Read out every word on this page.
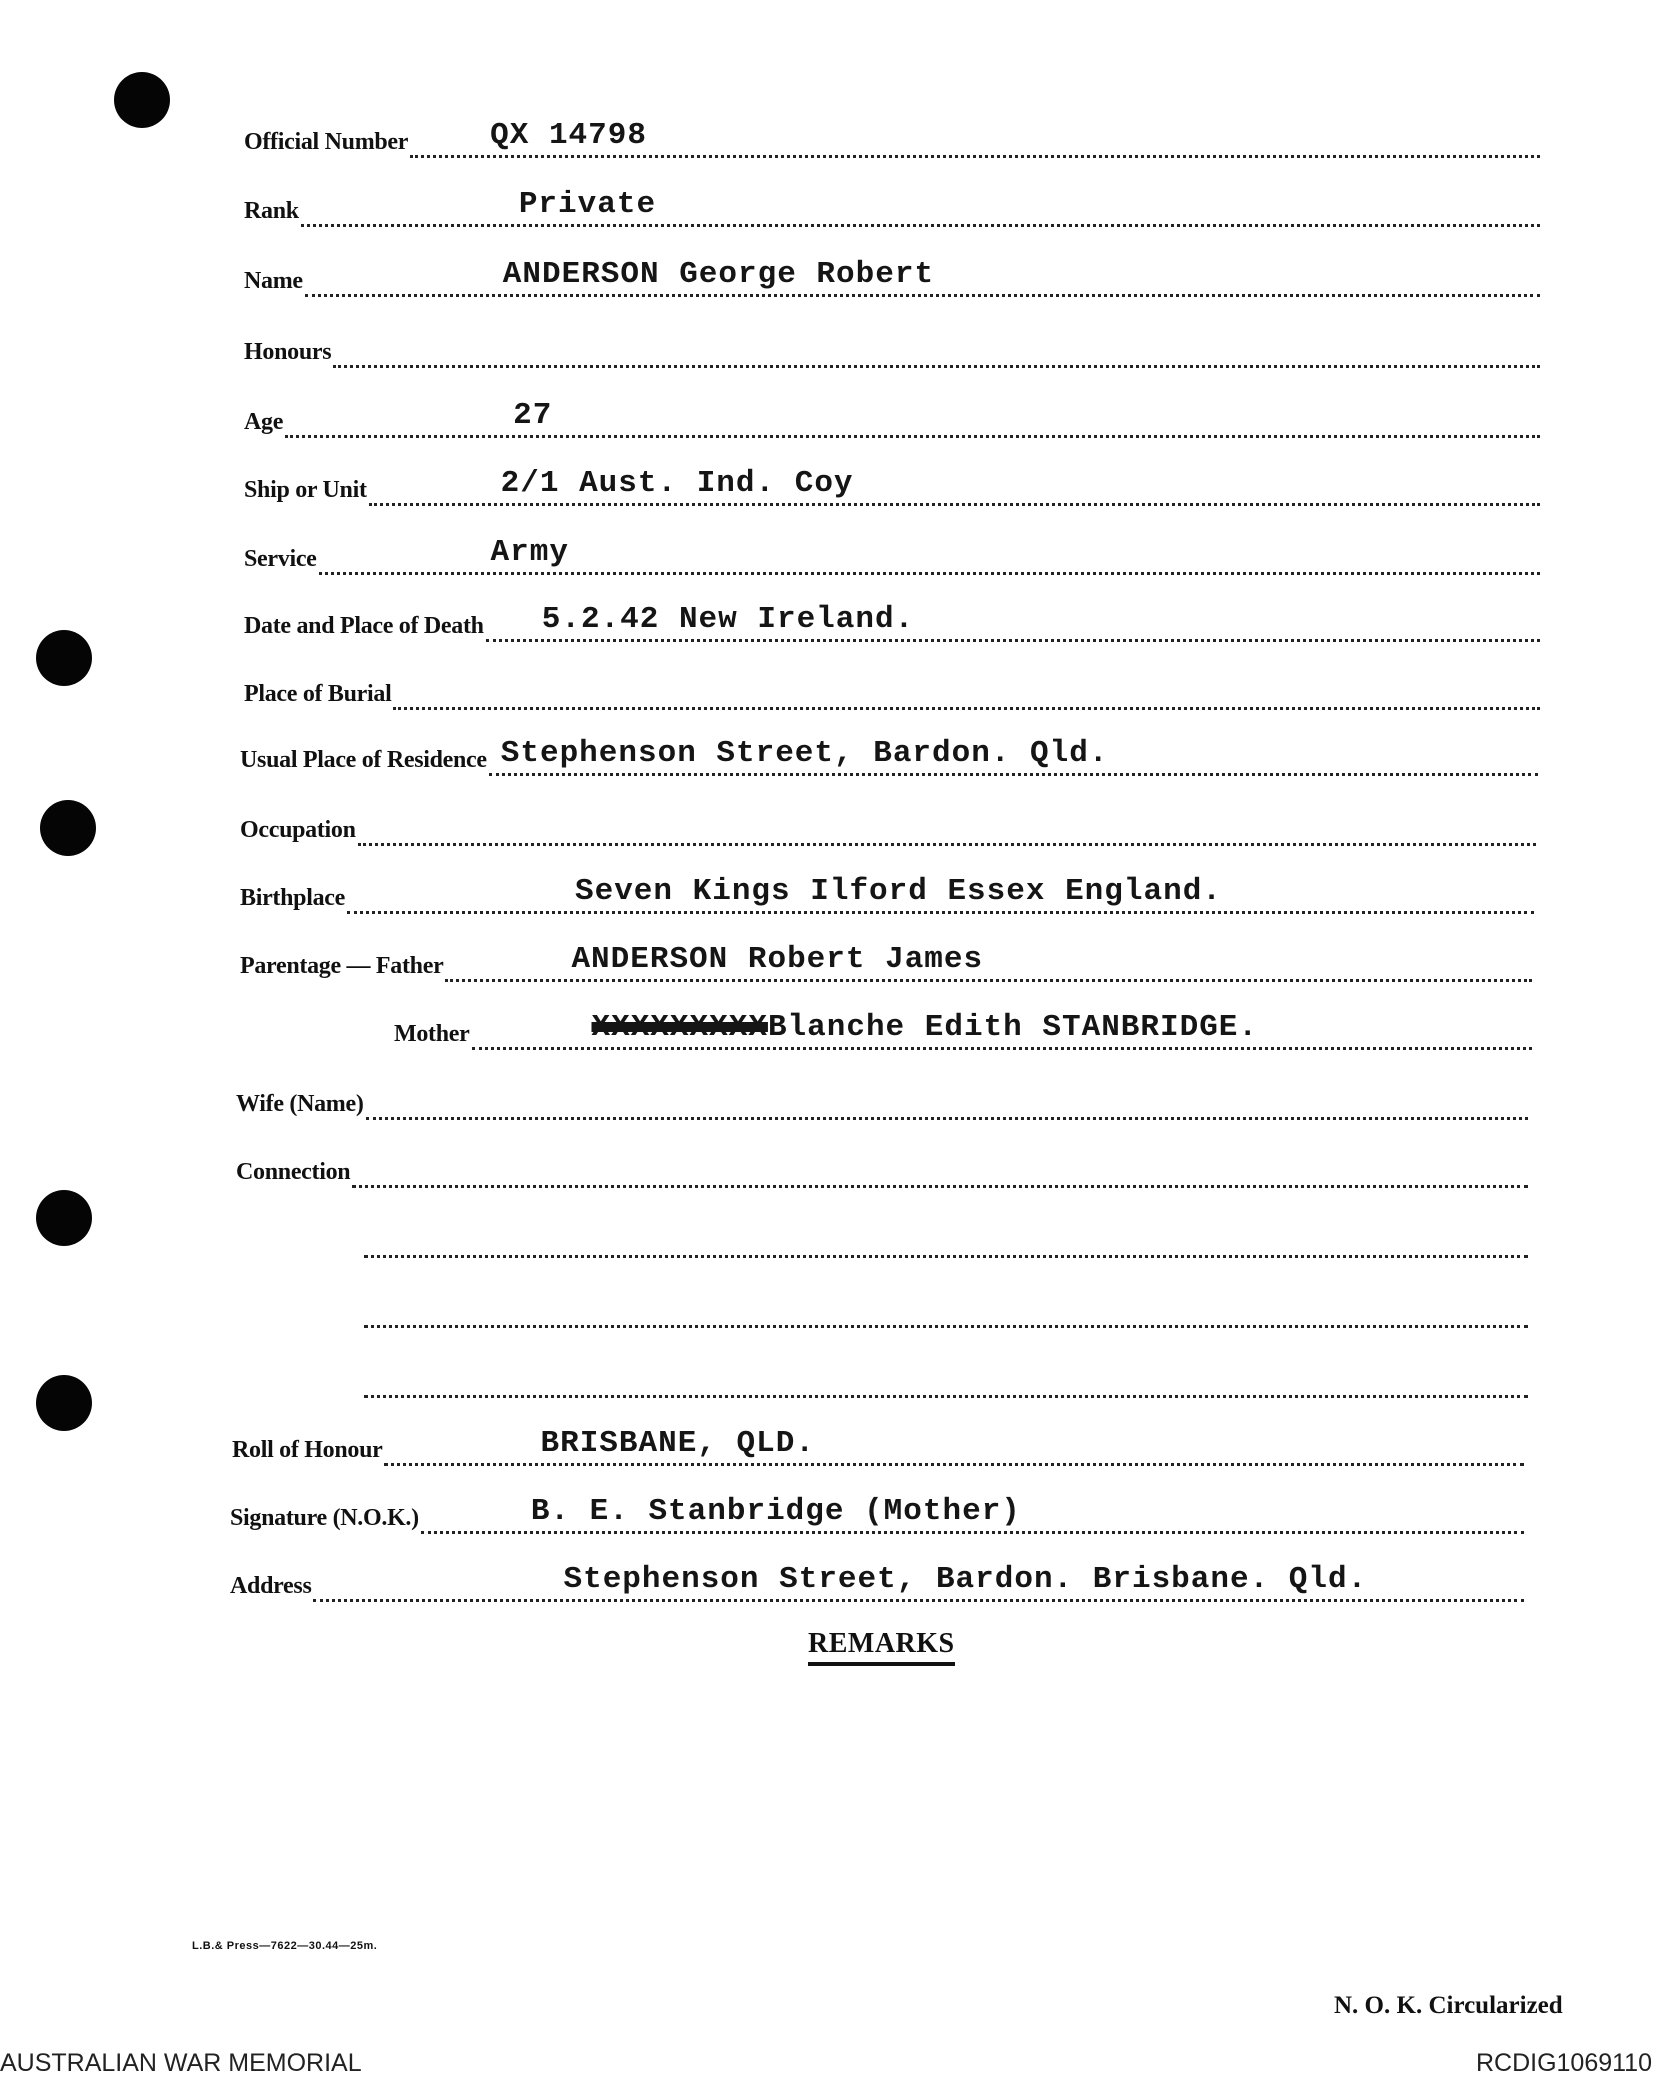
Official Number	QX 14798
Rank	Private
Name	ANDERSON George Robert
Honours
Age	27
Ship or Unit	2/1 Aust. Ind. Coy
Service	Army
Date and Place of Death 5.2.42 New Ireland.
Place of Burial
Usual Place of Residence Stephenson Street, Bardon. Qld.
Occupation
Birthplace	Seven Kings Ilford Essex England.
Parentage — Father	ANDERSON Robert James
Mother	XXXXXXXXXBlanche Edith STANBRIDGE.
Wife (Name)
Connection
Roll of Honour	BRISBANE, QLD.
Signature (N.O.K.)	B. E. Stanbridge (Mother)
Address	Stephenson Street, Bardon. Brisbane. Qld.
REMARKS
L.B.& Press—7622—30.44—25m.
N. O. K. Circularized
AUSTRALIAN WAR MEMORIAL	RCDIG1069110
